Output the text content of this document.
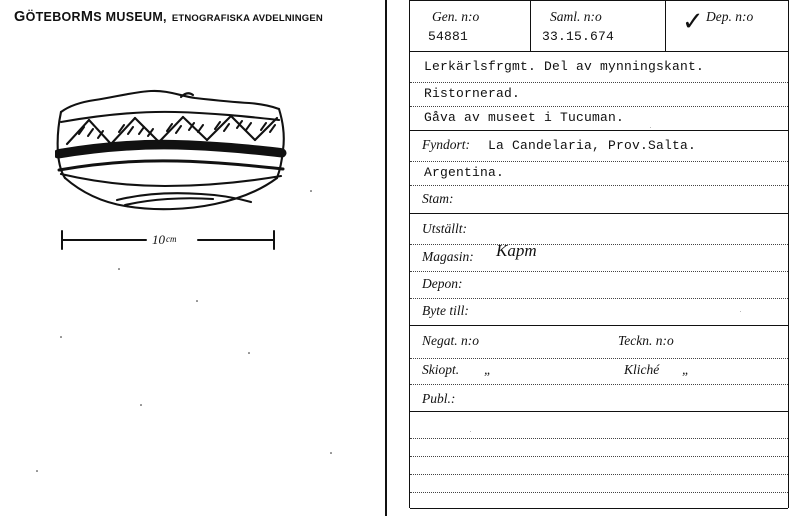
GÖTEBORMS MUSEUM, ETNOGRAFISKA AVDELNINGEN
10cm
Gen. n:o
54881
Saml. n:o
33.15.674
✓ Dep. n:o
Lerkärlsfrgmt. Del av mynningskant.
Ristornerad.
Gåva av museet i Tucuman.
Fyndort: La Candelaria, Prov.Salta.
Argentina.
Stam:
Utställt:
Magasin: Kapm
Depon:
Byte till:
Negat. n:o	Teckn. n:o
Skiopt. „	Kliché „
Publ.:
